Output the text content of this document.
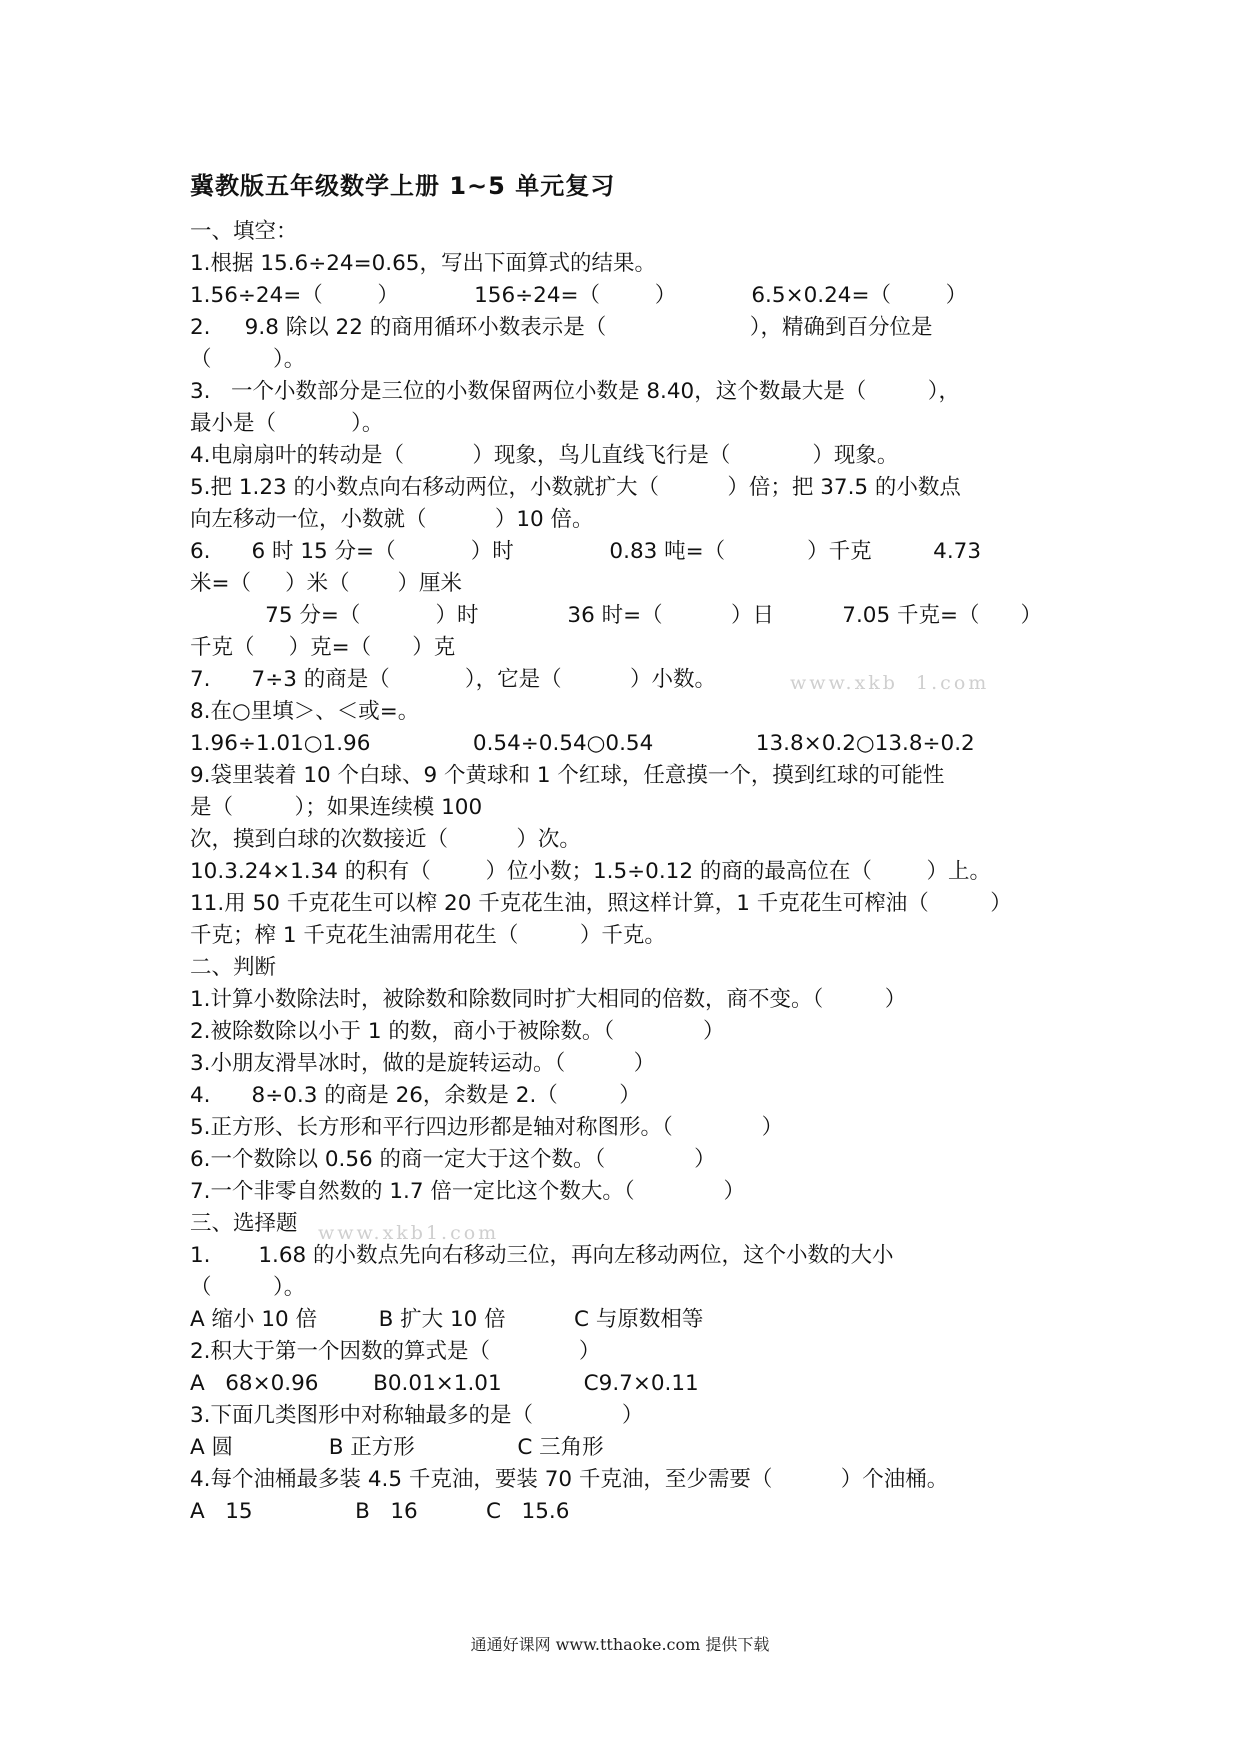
冀教版五年级数学上册 1~5 单元复习
一、填空：
1.根据 15.6÷24=0.65，写出下面算式的结果。
1.56÷24=（        ）           156÷24=（        ）           6.5×0.24=（        ）
2.     9.8 除以 22 的商用循环小数表示是（                     ），精确到百分位是
（         ）。
3.   一个小数部分是三位的小数保留两位小数是 8.40，这个数最大是（         ），
最小是（           ）。
4.电扇扇叶的转动是（          ）现象，鸟儿直线飞行是（            ）现象。
5.把 1.23 的小数点向右移动两位，小数就扩大（          ）倍；把 37.5 的小数点
向左移动一位，小数就（          ）10 倍。
6.      6 时 15 分=（           ）时              0.83 吨=（            ）千克         4.73
米=（     ）米（       ）厘米
75 分=（           ）时             36 时=（          ）日          7.05 千克=（      ）
千克（     ）克=（      ）克
7.      7÷3 的商是（           ），它是（          ）小数。
8.在○里填＞、＜或=。
1.96÷1.01○1.96               0.54÷0.54○0.54               13.8×0.2○13.8÷0.2
9.袋里装着 10 个白球、9 个黄球和 1 个红球，任意摸一个，摸到红球的可能性
是（         ）；如果连续模 100
次，摸到白球的次数接近（          ）次。
10.3.24×1.34 的积有（        ）位小数；1.5÷0.12 的商的最高位在（        ）上。
11.用 50 千克花生可以榨 20 千克花生油，照这样计算，1 千克花生可榨油（         ）
千克；榨 1 千克花生油需用花生（         ）千克。
二、判断
1.计算小数除法时，被除数和除数同时扩大相同的倍数，商不变。（         ）
2.被除数除以小于 1 的数，商小于被除数。（             ）
3.小朋友滑旱冰时，做的是旋转运动。（          ）
4.      8÷0.3 的商是 26，余数是 2.（         ）
5.正方形、长方形和平行四边形都是轴对称图形。（             ）
6.一个数除以 0.56 的商一定大于这个数。（             ）
7.一个非零自然数的 1.7 倍一定比这个数大。（             ）
三、选择题
1.       1.68 的小数点先向右移动三位，再向左移动两位，这个小数的大小
（         ）。
A 缩小 10 倍         B 扩大 10 倍          C 与原数相等
2.积大于第一个因数的算式是（             ）
A   68×0.96        B0.01×1.01            C9.7×0.11
3.下面几类图形中对称轴最多的是（             ）
A 圆              B 正方形               C 三角形
4.每个油桶最多装 4.5 千克油，要装 70 千克油，至少需要（          ）个油桶。
A   15               B   16          C   15.6
www.xkb  1.com
www.xkb1.com
通通好课网 www.tthaoke.com 提供下载
